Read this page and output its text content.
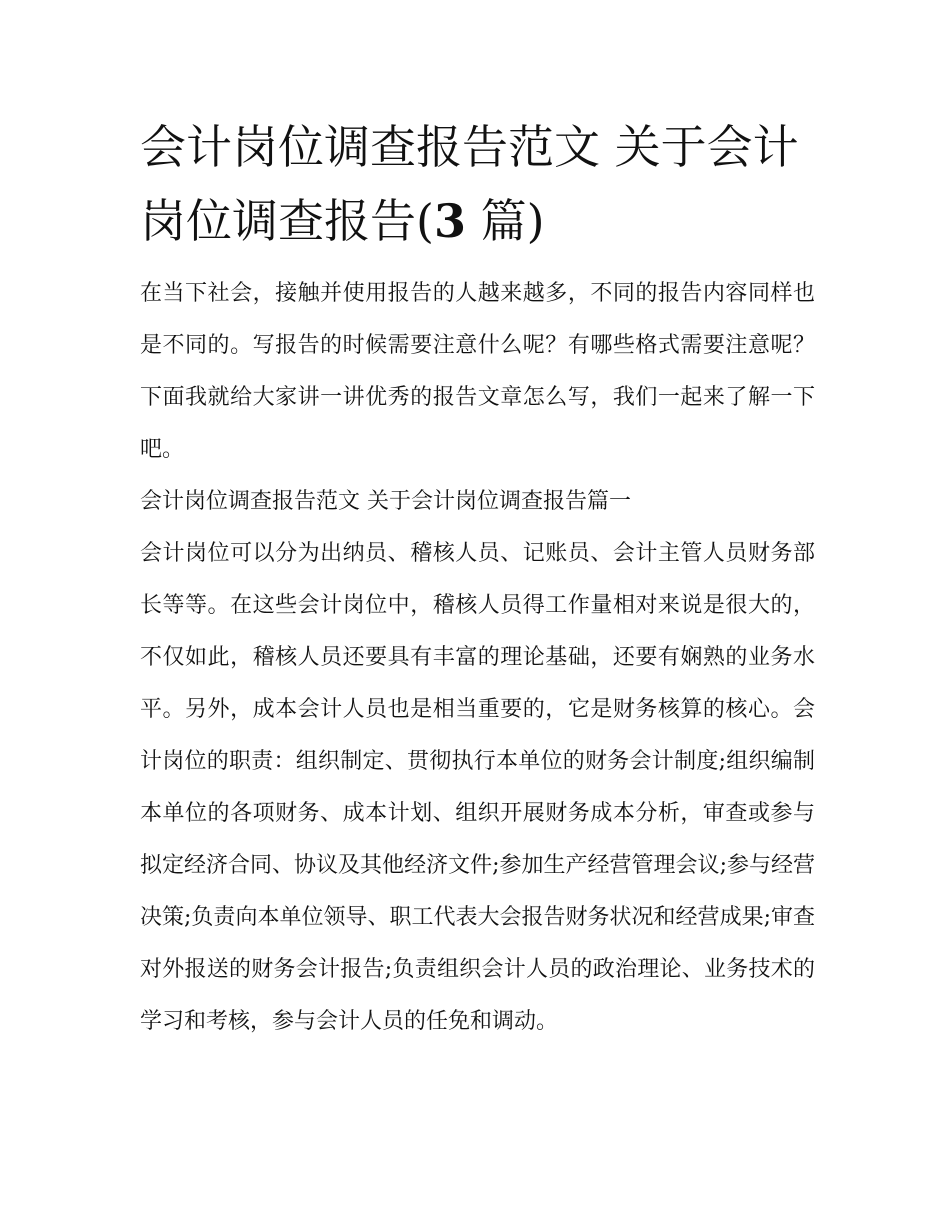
会计岗位调查报告范文 关于会计岗位调查报告(3 篇)

在当下社会，接触并使用报告的人越来越多，不同的报告内容同样也是不同的。写报告的时候需要注意什么呢？有哪些格式需要注意呢？下面我就给大家讲一讲优秀的报告文章怎么写，我们一起来了解一下吧。

会计岗位调查报告范文 关于会计岗位调查报告篇一

会计岗位可以分为出纳员、稽核人员、记账员、会计主管人员财务部长等等。在这些会计岗位中，稽核人员得工作量相对来说是很大的，不仅如此，稽核人员还要具有丰富的理论基础，还要有娴熟的业务水平。另外，成本会计人员也是相当重要的，它是财务核算的核心。会计岗位的职责：组织制定、贯彻执行本单位的财务会计制度;组织编制本单位的各项财务、成本计划、组织开展财务成本分析，审查或参与拟定经济合同、协议及其他经济文件;参加生产经营管理会议;参与经营决策;负责向本单位领导、职工代表大会报告财务状况和经营成果;审查对外报送的财务会计报告;负责组织会计人员的政治理论、业务技术的学习和考核，参与会计人员的任免和调动。
